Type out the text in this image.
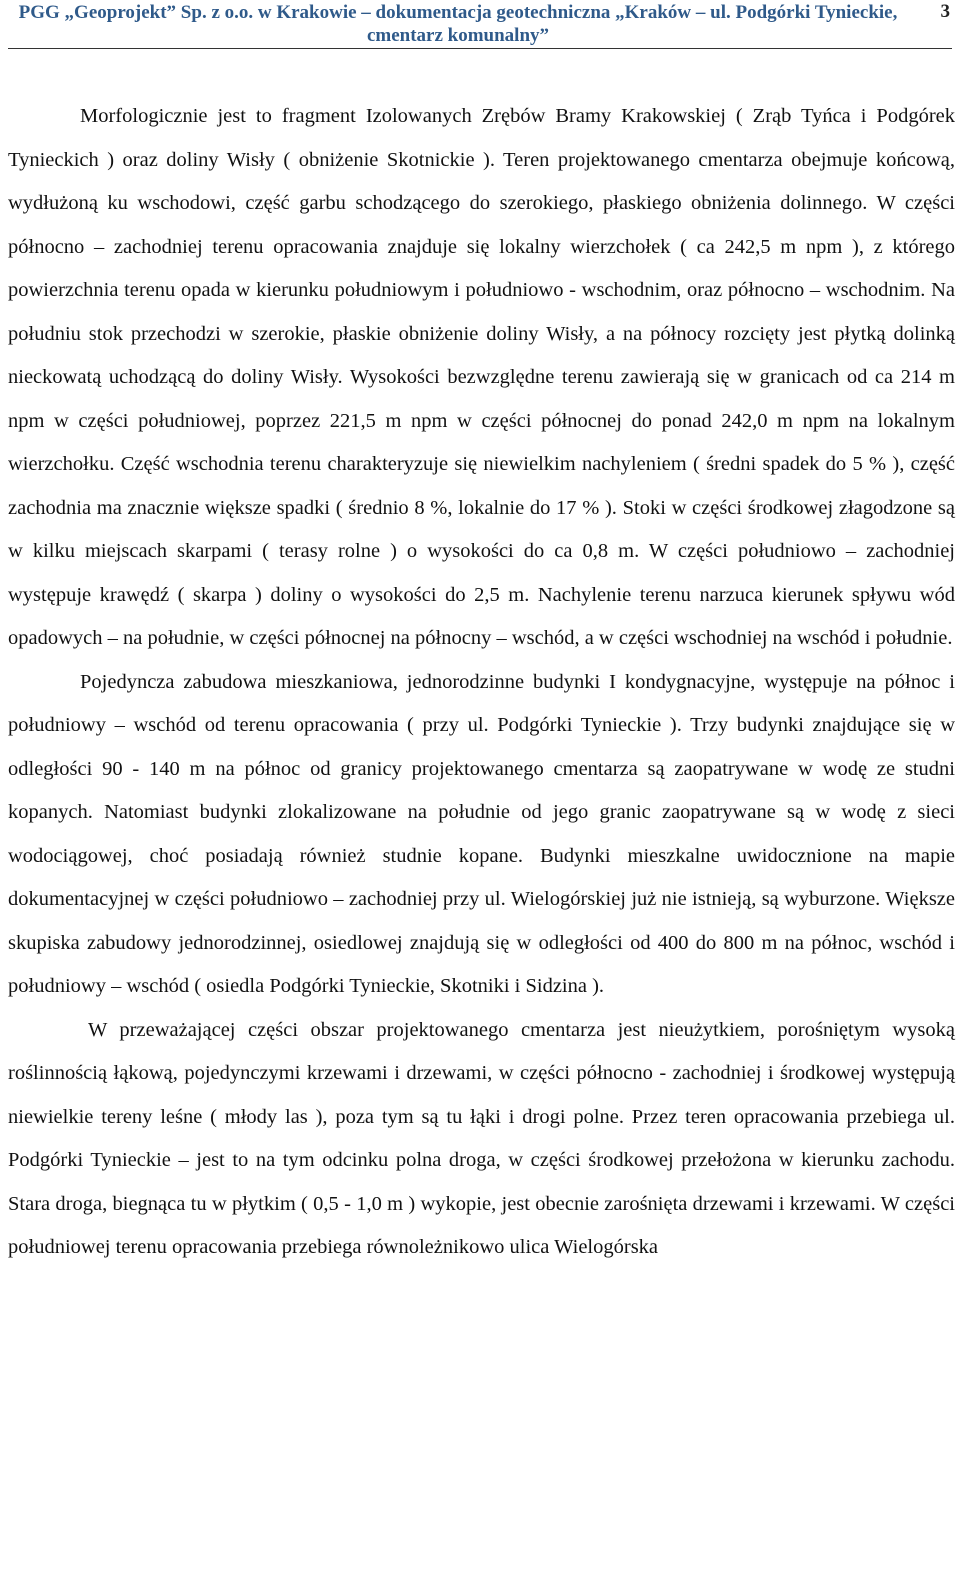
PGG „Geoprojekt” Sp. z o.o. w Krakowie – dokumentacja geotechniczna „Kraków – ul. Podgórki Tynieckie,
cmentarz komunalny”
3

Morfologicznie jest to fragment Izolowanych Zrębów Bramy Krakowskiej ( Zrąb Tyńca i Podgórek Tynieckich ) oraz doliny Wisły ( obniżenie Skotnickie ). Teren projektowanego cmentarza obejmuje końcową, wydłużoną ku wschodowi, część garbu schodzącego do szerokiego, płaskiego obniżenia dolinnego. W części północno – zachodniej terenu opracowania znajduje się lokalny wierzchołek ( ca 242,5 m npm ), z którego powierzchnia terenu opada w kierunku południowym i południowo - wschodnim, oraz północno – wschodnim. Na południu stok przechodzi w szerokie, płaskie obniżenie doliny Wisły, a na północy rozcięty jest płytką dolinką nieckowatą uchodzącą do doliny Wisły. Wysokości bezwzględne terenu zawierają się w granicach od ca 214 m npm w części południowej, poprzez 221,5 m npm w części północnej do ponad 242,0 m npm na lokalnym wierzchołku. Część wschodnia terenu charakteryzuje się niewielkim nachyleniem ( średni spadek do 5 % ), część zachodnia ma znacznie większe spadki ( średnio 8 %, lokalnie do 17 % ). Stoki w części środkowej złagodzone są w kilku miejscach skarpami ( terasy rolne ) o wysokości do ca 0,8 m. W części południowo – zachodniej występuje krawędź ( skarpa ) doliny o wysokości do 2,5 m. Nachylenie terenu narzuca kierunek spływu wód opadowych – na południe, w części północnej na północny – wschód, a w części wschodniej na wschód i południe.

Pojedyncza zabudowa mieszkaniowa, jednorodzinne budynki I kondygnacyjne, występuje na północ i południowy – wschód od terenu opracowania ( przy ul. Podgórki Tynieckie ). Trzy budynki znajdujące się w odległości 90 - 140 m na północ od granicy projektowanego cmentarza są zaopatrywane w wodę ze studni kopanych. Natomiast budynki zlokalizowane na południe od jego granic zaopatrywane są w wodę z sieci wodociągowej, choć posiadają również studnie kopane. Budynki mieszkalne uwidocznione na mapie dokumentacyjnej w części południowo – zachodniej przy ul. Wielogórskiej już nie istnieją, są wyburzone. Większe skupiska zabudowy jednorodzinnej, osiedlowej znajdują się w odległości od 400 do 800 m na północ, wschód i południowy – wschód ( osiedla Podgórki Tynieckie, Skotniki i Sidzina ).

W przeważającej części obszar projektowanego cmentarza jest nieużytkiem, porośniętym wysoką roślinnością łąkową, pojedynczymi krzewami i drzewami, w części północno - zachodniej i środkowej występują niewielkie tereny leśne ( młody las ), poza tym są tu łąki i drogi polne. Przez teren opracowania przebiega ul. Podgórki Tynieckie – jest to na tym odcinku polna droga, w części środkowej przełożona w kierunku zachodu. Stara droga, biegnąca tu w płytkim ( 0,5 - 1,0 m ) wykopie, jest obecnie zarośnięta drzewami i krzewami. W części południowej terenu opracowania przebiega równoleżnikowo ulica Wielogórska
